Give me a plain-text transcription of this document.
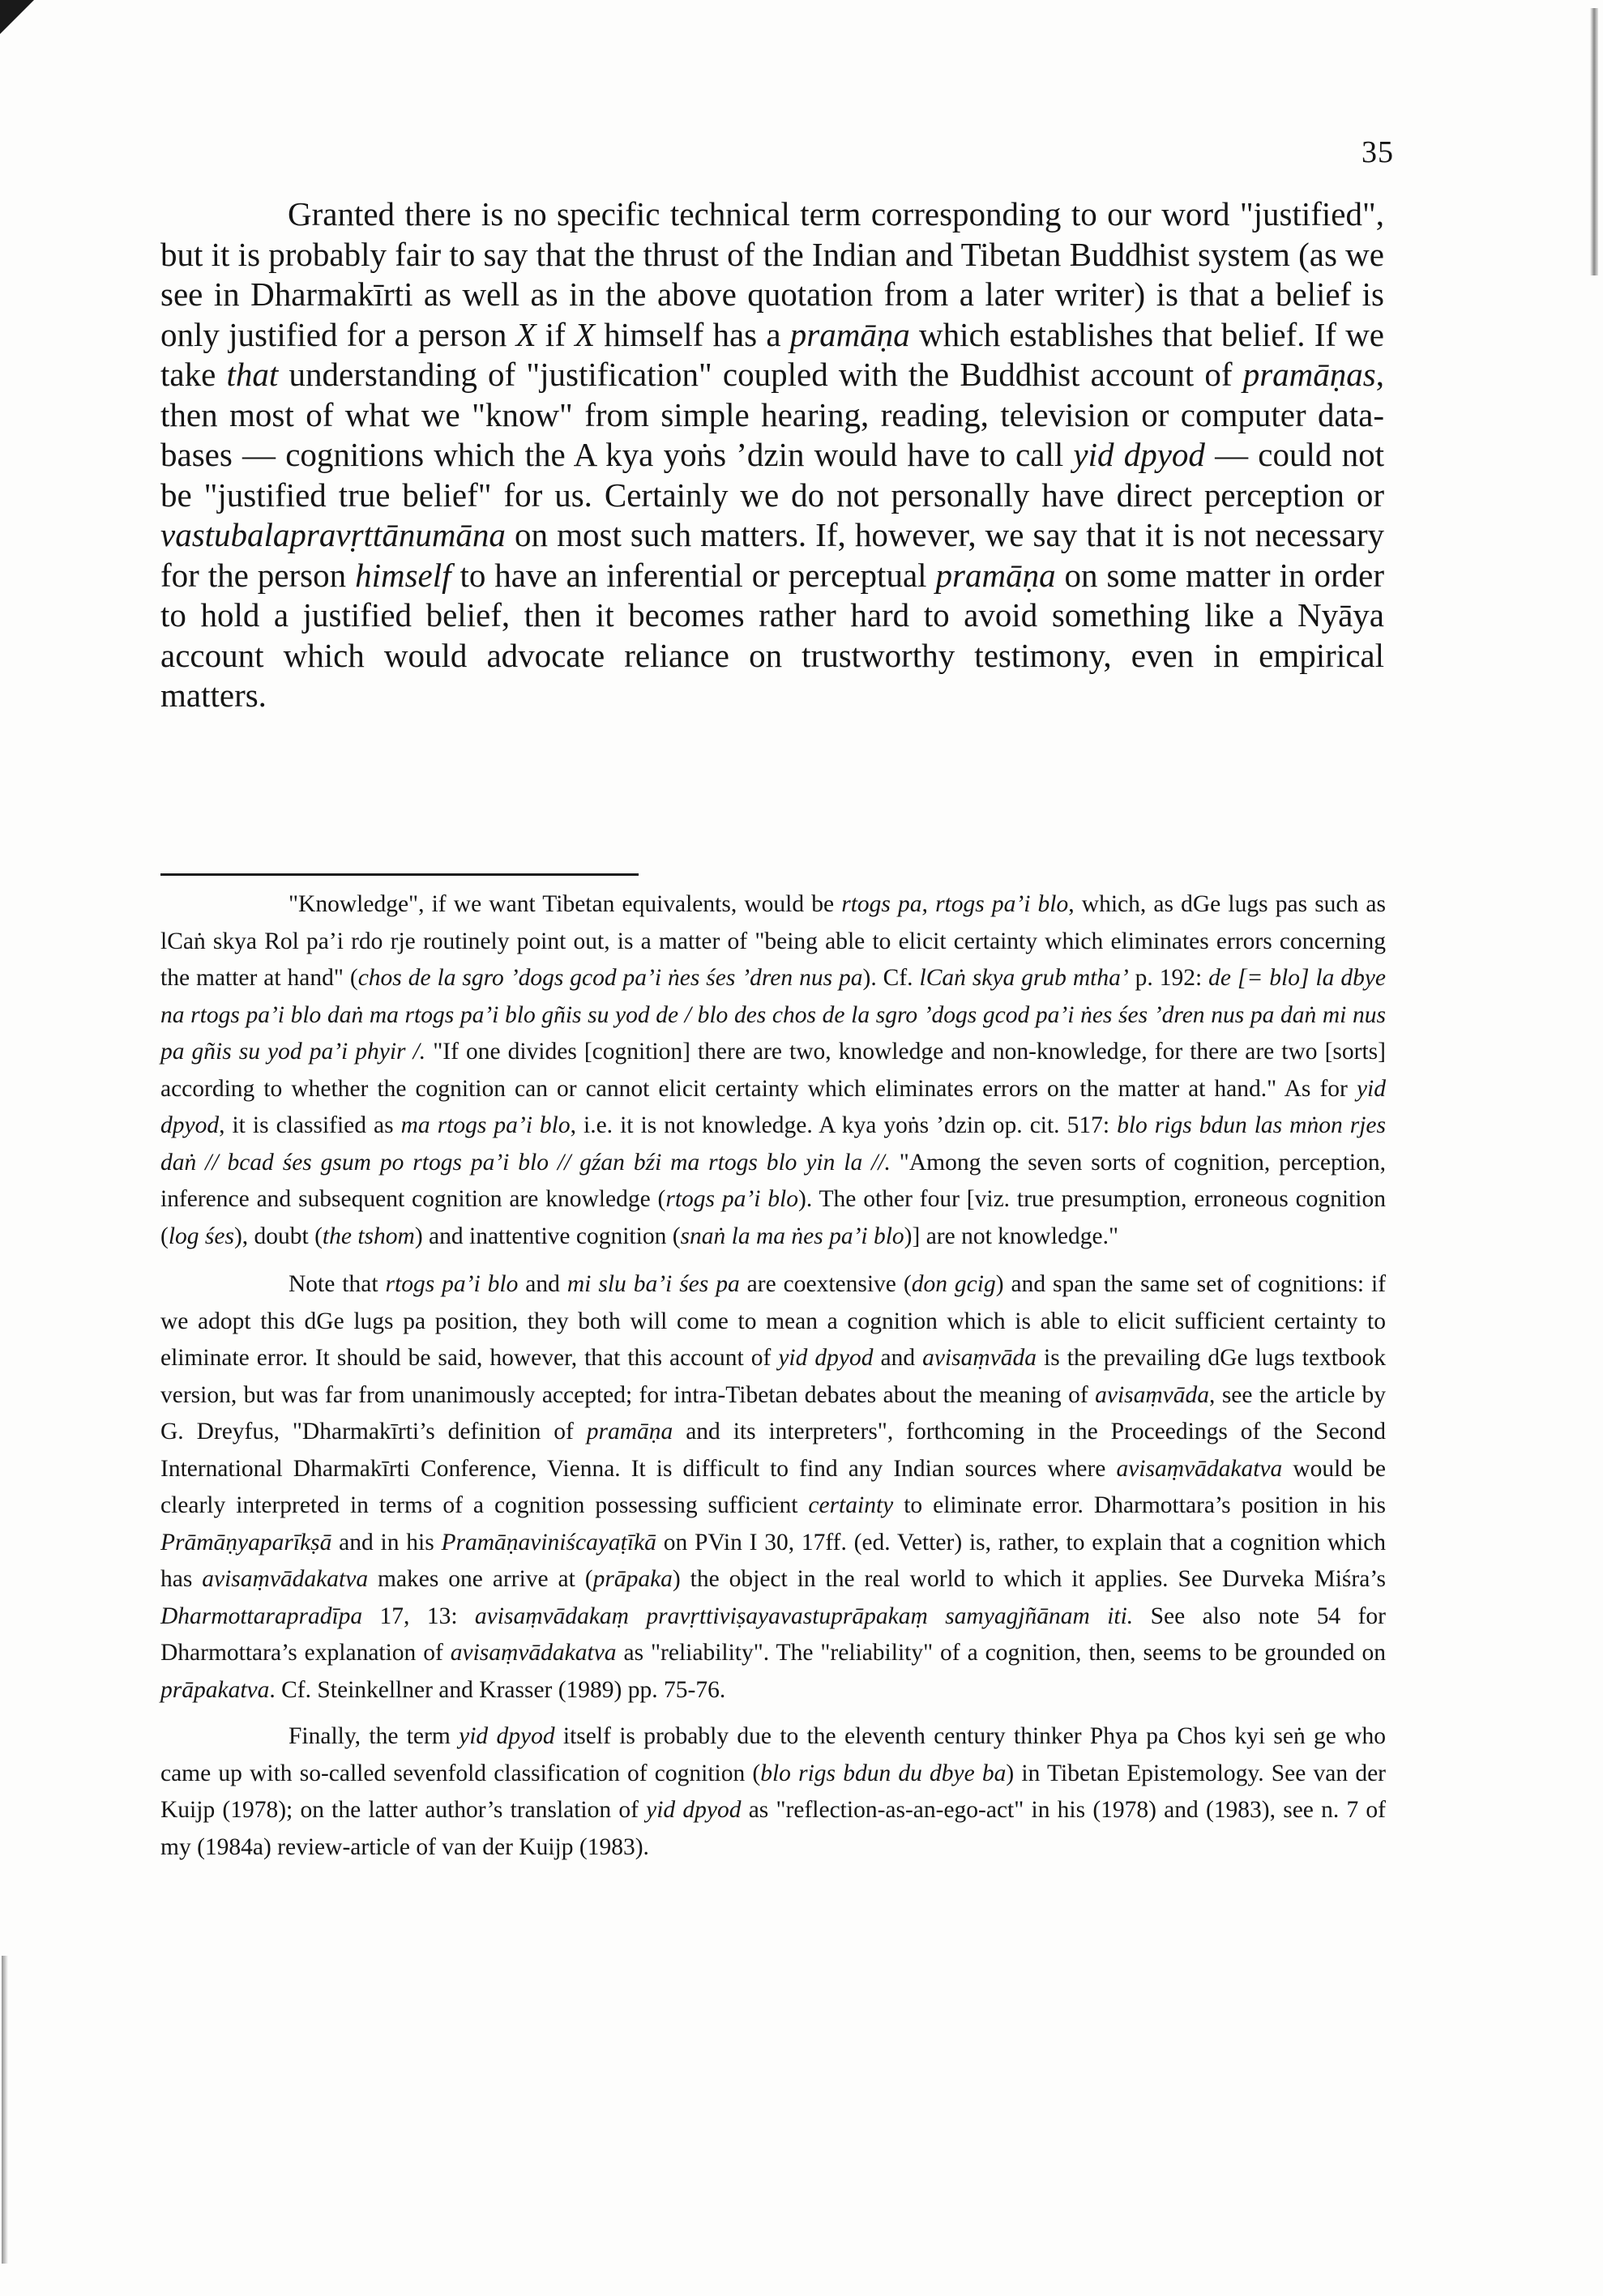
35

Granted there is no specific technical term corresponding to our word "justified", but it is probably fair to say that the thrust of the Indian and Tibetan Buddhist system (as we see in Dharmakīrti as well as in the above quotation from a later writer) is that a belief is only justified for a person X if X himself has a pramāṇa which establishes that belief. If we take that understanding of "justification" coupled with the Buddhist account of pramāṇas, then most of what we "know" from simple hearing, reading, television or computer data-bases — cognitions which the A kya yoṅs ’dzin would have to call yid dpyod — could not be "justified true belief" for us. Certainly we do not personally have direct perception or vastubalapravṛttānumāna on most such matters. If, however, we say that it is not necessary for the person himself to have an inferential or perceptual pramāṇa on some matter in order to hold a justified belief, then it becomes rather hard to avoid something like a Nyāya account which would advocate reliance on trustworthy testimony, even in empirical matters.

"Knowledge", if we want Tibetan equivalents, would be rtogs pa, rtogs pa’i blo, which, as dGe lugs pas such as lCaṅ skya Rol pa’i rdo rje routinely point out, is a matter of "being able to elicit certainty which eliminates errors concerning the matter at hand" (chos de la sgro ’dogs gcod pa’i ṅes śes ’dren nus pa). Cf. lCaṅ skya grub mtha’ p. 192: de [= blo] la dbye na rtogs pa’i blo daṅ ma rtogs pa’i blo gñis su yod de / blo des chos de la sgro ’dogs gcod pa’i ṅes śes ’dren nus pa daṅ mi nus pa gñis su yod pa’i phyir /. "If one divides [cognition] there are two, knowledge and non-knowledge, for there are two [sorts] according to whether the cognition can or cannot elicit certainty which eliminates errors on the matter at hand." As for yid dpyod, it is classified as ma rtogs pa’i blo, i.e. it is not knowledge. A kya yoṅs ’dzin op. cit. 517: blo rigs bdun las mṅon rjes daṅ // bcad śes gsum po rtogs pa’i blo // gźan bźi ma rtogs blo yin la //. "Among the seven sorts of cognition, perception, inference and subsequent cognition are knowledge (rtogs pa’i blo). The other four [viz. true presumption, erroneous cognition (log śes), doubt (the tshom) and inattentive cognition (snaṅ la ma ṅes pa’i blo)] are not knowledge."

Note that rtogs pa’i blo and mi slu ba’i śes pa are coextensive (don gcig) and span the same set of cognitions: if we adopt this dGe lugs pa position, they both will come to mean a cognition which is able to elicit sufficient certainty to eliminate error. It should be said, however, that this account of yid dpyod and avisaṃvāda is the prevailing dGe lugs textbook version, but was far from unanimously accepted; for intra-Tibetan debates about the meaning of avisaṃvāda, see the article by G. Dreyfus, "Dharmakīrti’s definition of pramāṇa and its interpreters", forthcoming in the Proceedings of the Second International Dharmakīrti Conference, Vienna. It is difficult to find any Indian sources where avisaṃvādakatva would be clearly interpreted in terms of a cognition possessing sufficient certainty to eliminate error. Dharmottara’s position in his Prāmāṇyaparīkṣā and in his Pramāṇaviniścayaṭīkā on PVin I 30, 17ff. (ed. Vetter) is, rather, to explain that a cognition which has avisaṃvādakatva makes one arrive at (prāpaka) the object in the real world to which it applies. See Durveka Miśra’s Dharmottarapradīpa 17, 13: avisaṃvādakaṃ pravṛttiviṣayavastuprāpakaṃ samyagjñānam iti. See also note 54 for Dharmottara’s explanation of avisaṃvādakatva as "reliability". The "reliability" of a cognition, then, seems to be grounded on prāpakatva. Cf. Steinkellner and Krasser (1989) pp. 75-76.

Finally, the term yid dpyod itself is probably due to the eleventh century thinker Phya pa Chos kyi seṅ ge who came up with so-called sevenfold classification of cognition (blo rigs bdun du dbye ba) in Tibetan Epistemology. See van der Kuijp (1978); on the latter author’s translation of yid dpyod as "reflection-as-an-ego-act" in his (1978) and (1983), see n. 7 of my (1984a) review-article of van der Kuijp (1983).
